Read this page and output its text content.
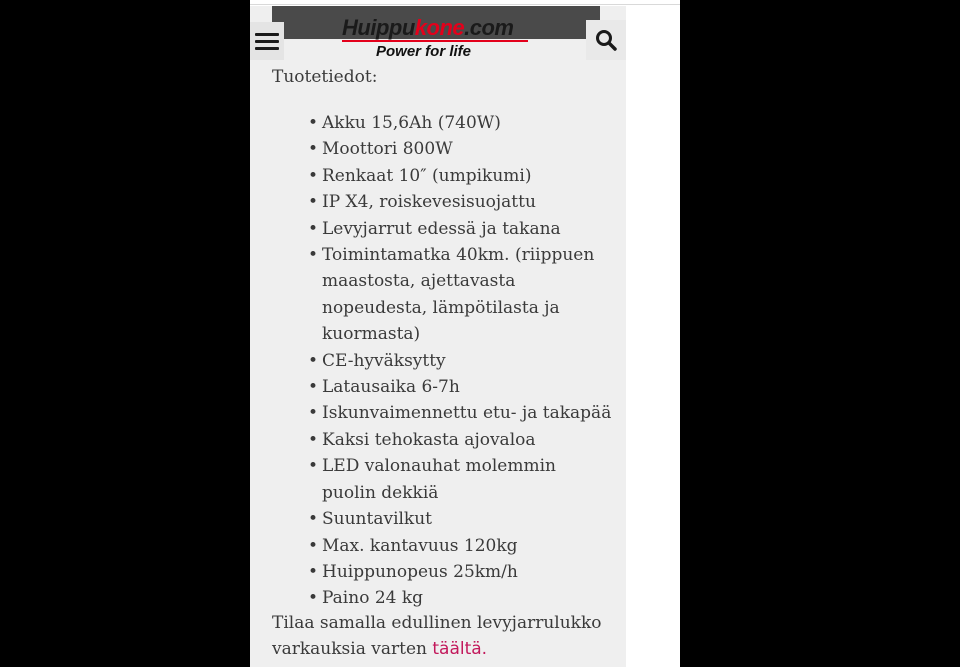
Huippukone.com
Power for life
Tuotetiedot:
• Akku 15,6Ah (740W)
• Moottori 800W
• Renkaat 10″ (umpikumi)
• IP X4, roiskevesisuojattu
• Levyjarrut edessä ja takana
• Toimintamatka 40km. (riippuen maastosta, ajettavasta nopeudesta, lämpötilasta ja kuormasta)
• CE-hyväksytty
• Latausaika 6-7h
• Iskunvaimennettu etu- ja takapää
• Kaksi tehokasta ajovaloa
• LED valonauhat molemmin puolin dekkiä
• Suuntavilkut
• Max. kantavuus 120kg
• Huippunopeus 25km/h
• Paino 24 kg
Tilaa samalla edullinen levyjarrulukko varkauksia varten täältä.
